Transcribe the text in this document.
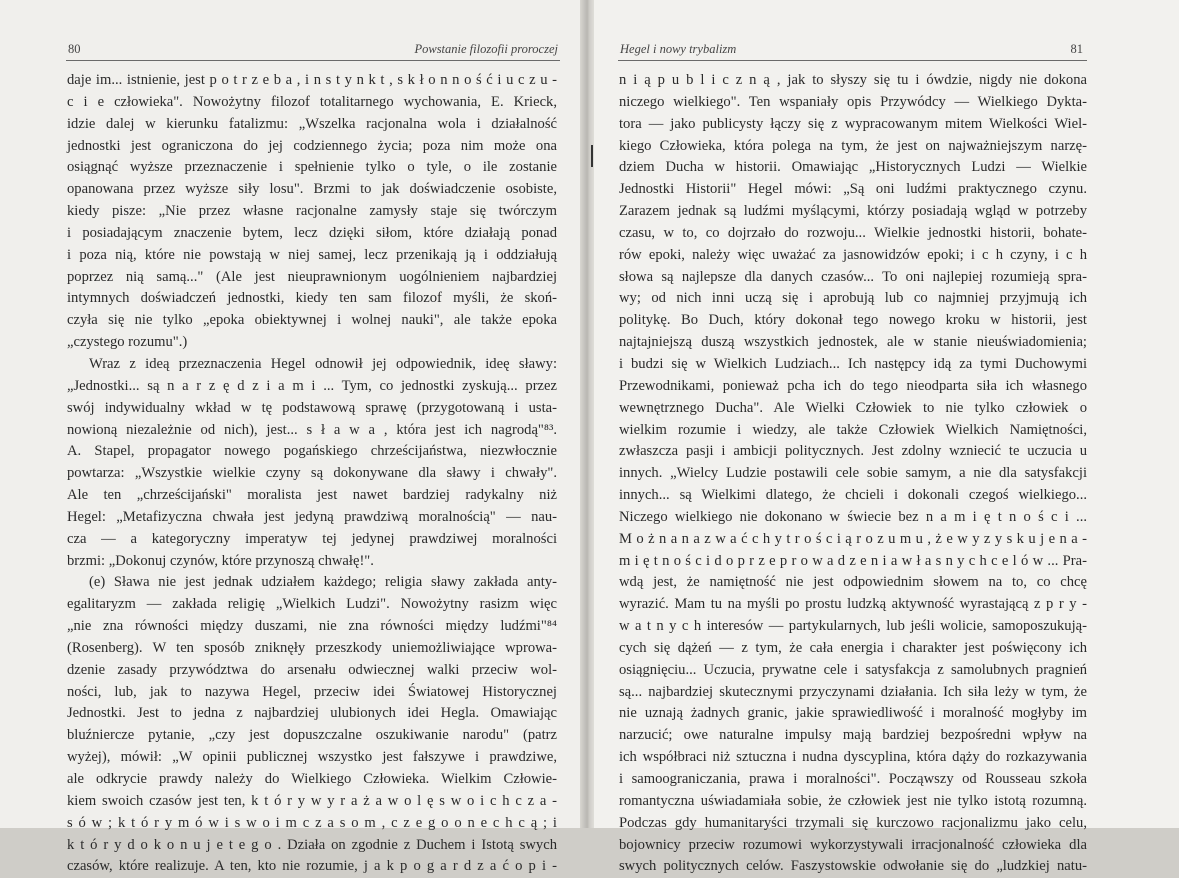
80	Powstanie filozofii proroczej
daje im... istnienie, jest p o t r z e b a , i n s t y n k t , s k ł o n n o ś ć i u c z u -
c i e człowieka". Nowożytny filozof totalitarnego wychowania, E. Krieck,
idzie dalej w kierunku fatalizmu: „Wszelka racjonalna wola i działalność
jednostki jest ograniczona do jej codziennego życia; poza nim może ona
osiągnąć wyższe przeznaczenie i spełnienie tylko o tyle, o ile zostanie
opanowana przez wyższe siły losu". Brzmi to jak doświadczenie osobiste,
kiedy pisze: „Nie przez własne racjonalne zamysły staje się twórczym
i posiadającym znaczenie bytem, lecz dzięki siłom, które działają ponad
i poza nią, które nie powstają w niej samej, lecz przenikają ją i oddziałują
poprzez nią samą..." (Ale jest nieuprawnionym uogólnieniem najbardziej
intymnych doświadczeń jednostki, kiedy ten sam filozof myśli, że skoń-
czyła się nie tylko „epoka obiektywnej i wolnej nauki", ale także epoka
„czystego rozumu".)
Wraz z ideą przeznaczenia Hegel odnowił jej odpowiednik, ideę sławy:
„Jednostki... są n a r z ę d z i a m i ... Tym, co jednostki zyskują... przez
swój indywidualny wkład w tę podstawową sprawę (przygotowaną i usta-
nowioną niezależnie od nich), jest... s ł a w a , która jest ich nagrodą"⁸³.
A. Stapel, propagator nowego pogańskiego chrześcijaństwa, niezwłocznie
powtarza: „Wszystkie wielkie czyny są dokonywane dla sławy i chwały".
Ale ten „chrześcijański" moralista jest nawet bardziej radykalny niż
Hegel: „Metafizyczna chwała jest jedyną prawdziwą moralnością" — nau-
cza — a kategoryczny imperatyw tej jedynej prawdziwej moralności
brzmi: „Dokonuj czynów, które przynoszą chwałę!".
(e) Sława nie jest jednak udziałem każdego; religia sławy zakłada anty-
egalitaryzm — zakłada religię „Wielkich Ludzi". Nowożytny rasizm więc
„nie zna równości między duszami, nie zna równości między ludźmi"⁸⁴
(Rosenberg). W ten sposób zniknęły przeszkody uniemożliwiające wprowa-
dzenie zasady przywództwa do arsenału odwiecznej walki przeciw wol-
ności, lub, jak to nazywa Hegel, przeciw idei Światowej Historycznej
Jednostki. Jest to jedna z najbardziej ulubionych idei Hegla. Omawiając
bluźniercze pytanie, „czy jest dopuszczalne oszukiwanie narodu" (patrz
wyżej), mówił: „W opinii publicznej wszystko jest fałszywe i prawdziwe,
ale odkrycie prawdy należy do Wielkiego Człowieka. Wielkim Człowie-
kiem swoich czasów jest ten, k t ó r y w y r a ż a w o l ę s w o i c h c z a -
s ó w ; k t ó r y m ó w i s w o i m c z a s o m , c z e g o o n e c h c ą ; i
k t ó r y d o k o n u j e t e g o . Działa on zgodnie z Duchem i Istotą swych
czasów, które realizuje. A ten, kto nie rozumie, j a k p o g a r d z a ć o p i -
Hegel i nowy trybalizm	81
n i ą p u b l i c z n ą , jak to słyszy się tu i ówdzie, nigdy nie dokona
niczego wielkiego". Ten wspaniały opis Przywódcy — Wielkiego Dykta-
tora — jako publicysty łączy się z wypracowanym mitem Wielkości Wiel-
kiego Człowieka, która polega na tym, że jest on najważniejszym narzę-
dziem Ducha w historii. Omawiając „Historycznych Ludzi — Wielkie
Jednostki Historii" Hegel mówi: „Są oni ludźmi praktycznego czynu.
Zarazem jednak są ludźmi myślącymi, którzy posiadają wgląd w potrzeby
czasu, w to, co dojrzało do rozwoju... Wielkie jednostki historii, bohate-
rów epoki, należy więc uważać za jasnowidzów epoki; i c h czyny, i c h
słowa są najlepsze dla danych czasów... To oni najlepiej rozumieją spra-
wy; od nich inni uczą się i aprobują lub co najmniej przyjmują ich
politykę. Bo Duch, który dokonał tego nowego kroku w historii, jest
najtajniejszą duszą wszystkich jednostek, ale w stanie nieuświadomienia;
i budzi się w Wielkich Ludziach... Ich następcy idą za tymi Duchowymi
Przewodnikami, ponieważ pcha ich do tego nieodparta siła ich własnego
wewnętrznego Ducha". Ale Wielki Człowiek to nie tylko człowiek o
wielkim rozumie i wiedzy, ale także Człowiek Wielkich Namiętności,
zwłaszcza pasji i ambicji politycznych. Jest zdolny wzniecić te uczucia u
innych. „Wielcy Ludzie postawili cele sobie samym, a nie dla satysfakcji
innych... są Wielkimi dlatego, że chcieli i dokonali czegoś wielkiego...
Niczego wielkiego nie dokonano w świecie bez n a m i ę t n o ś c i ...
M o ż n a n a z w a ć c h y t r o ś c i ą r o z u m u , ż e w y z y s k u j e n a -
m i ę t n o ś c i d o p r z e p r o w a d z e n i a w ł a s n y c h c e l ó w ... Pra-
wdą jest, że namiętność nie jest odpowiednim słowem na to, co chcę
wyrazić. Mam tu na myśli po prostu ludzką aktywność wyrastającą z p r y -
w a t n y c h interesów — partykularnych, lub jeśli wolicie, samoposzukują-
cych się dążeń — z tym, że cała energia i charakter jest poświęcony ich
osiągnięciu... Uczucia, prywatne cele i satysfakcja z samolubnych pragnień
są... najbardziej skutecznymi przyczynami działania. Ich siła leży w tym, że
nie uznają żadnych granic, jakie sprawiedliwość i moralność mogłyby im
narzucić; owe naturalne impulsy mają bardziej bezpośredni wpływ na
ich współbraci niż sztuczna i nudna dyscyplina, która dąży do rozkazywania
i samoograniczania, prawa i moralności". Począwszy od Rousseau szkoła
romantyczna uświadamiała sobie, że człowiek jest nie tylko istotą rozumną.
Podczas gdy humanitaryści trzymali się kurczowo racjonalizmu jako celu,
bojownicy przeciw rozumowi wykorzystywali irracjonalność człowieka dla
swych politycznych celów. Faszystowskie odwołanie się do „ludzkiej natu-
